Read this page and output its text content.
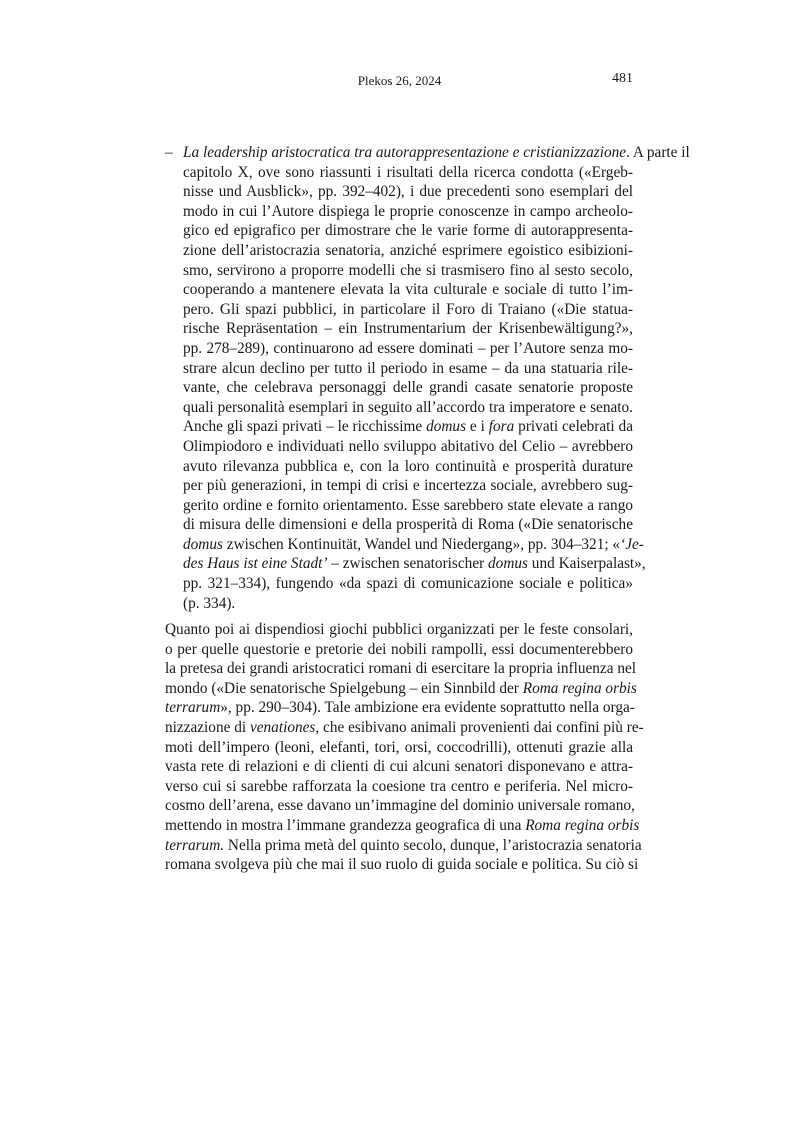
Plekos 26, 2024	481
– La leadership aristocratica tra autorappresentazione e cristianizzazione. A parte il
capitolo X, ove sono riassunti i risultati della ricerca condotta («Ergeb-
nisse und Ausblick», pp. 392–402), i due precedenti sono esemplari del
modo in cui l’Autore dispiega le proprie conoscenze in campo archeolo-
gico ed epigrafico per dimostrare che le varie forme di autorappresenta-
zione dell’aristocrazia senatoria, anziché esprimere egoistico esibizioni-
smo, servirono a proporre modelli che si trasmisero fino al sesto secolo,
cooperando a mantenere elevata la vita culturale e sociale di tutto l’im-
pero. Gli spazi pubblici, in particolare il Foro di Traiano («Die statua-
rische Repräsentation – ein Instrumentarium der Krisenbewältigung?»,
pp. 278–289), continuarono ad essere dominati – per l’Autore senza mo-
strare alcun declino per tutto il periodo in esame – da una statuaria rile-
vante, che celebrava personaggi delle grandi casate senatorie proposte
quali personalità esemplari in seguito all’accordo tra imperatore e senato.
Anche gli spazi privati – le ricchissime domus e i fora privati celebrati da
Olimpiodoro e individuati nello sviluppo abitativo del Celio – avrebbero
avuto rilevanza pubblica e, con la loro continuità e prosperità durature
per più generazioni, in tempi di crisi e incertezza sociale, avrebbero sug-
gerito ordine e fornito orientamento. Esse sarebbero state elevate a rango
di misura delle dimensioni e della prosperità di Roma («Die senatorische
domus zwischen Kontinuität, Wandel und Niedergang», pp. 304–321; «‘Je-
des Haus ist eine Stadt’ – zwischen senatorischer domus und Kaiserpalast»,
pp. 321–334), fungendo «da spazi di comunicazione sociale e politica»
(p. 334).
Quanto poi ai dispendiosi giochi pubblici organizzati per le feste consolari,
o per quelle questorie e pretorie dei nobili rampolli, essi documenterebbero
la pretesa dei grandi aristocratici romani di esercitare la propria influenza nel
mondo («Die senatorische Spielgebung – ein Sinnbild der Roma regina orbis
terrarum», pp. 290–304). Tale ambizione era evidente soprattutto nella orga-
nizzazione di venationes, che esibivano animali provenienti dai confini più re-
moti dell’impero (leoni, elefanti, tori, orsi, coccodrilli), ottenuti grazie alla
vasta rete di relazioni e di clienti di cui alcuni senatori disponevano e attra-
verso cui si sarebbe rafforzata la coesione tra centro e periferia. Nel micro-
cosmo dell’arena, esse davano un’immagine del dominio universale romano,
mettendo in mostra l’immane grandezza geografica di una Roma regina orbis
terrarum. Nella prima metà del quinto secolo, dunque, l’aristocrazia senatoria
romana svolgeva più che mai il suo ruolo di guida sociale e politica. Su ciò si
